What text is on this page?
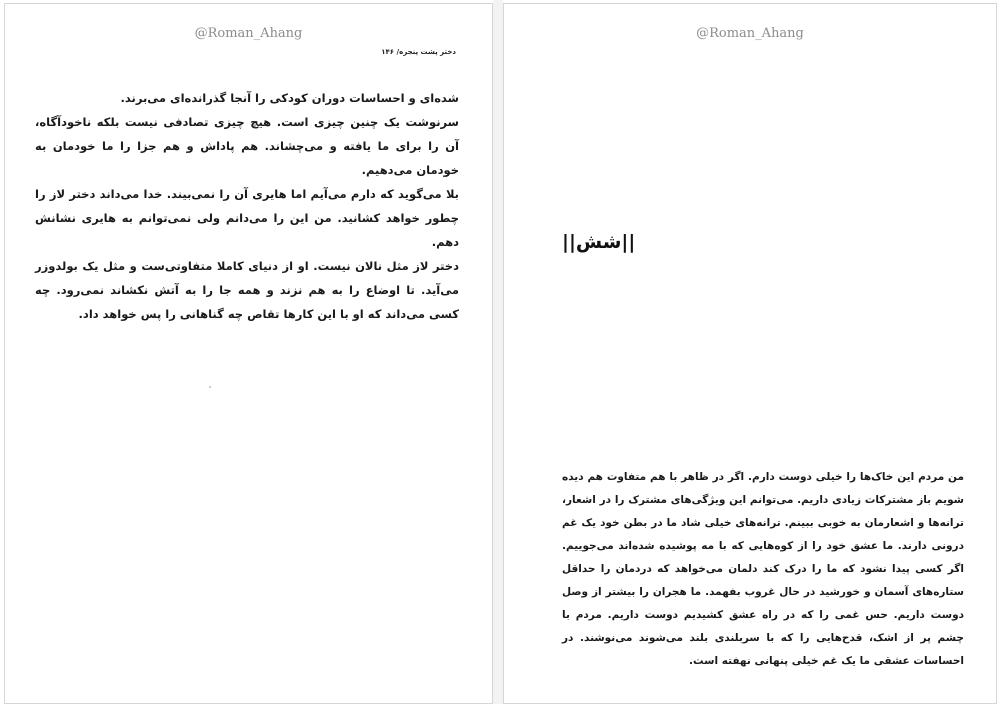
@Roman_Ahang
دختر پشت پنجره/ ۱۴۶

شده‌ای و احساسات دوران کودکی را آنجا گذرانده‌ای می‌برند.

سرنوشت یک چنین چیزی است. هیچ چیزی تصادفی نیست بلکه ناخودآگاه، آن را برای ما یافته و می‌چشاند. هم پاداش و هم جزا را ما خودمان به خودمان می‌دهیم.

بلا می‌گوید که دارم می‌آیم اما هایری آن را نمی‌بیند. خدا می‌داند دختر لاز را چطور خواهد کشانید. من این را می‌دانم ولی نمی‌توانم به هایری نشانش دهم.

دختر لاز مثل نالان نیست. او از دنیای کاملا متفاوتی‌ست و مثل یک بولدوزر می‌آید. تا اوضاع را به هم نزند و همه جا را به آتش نکشاند نمی‌رود. چه کسی می‌داند که او با این کارها تقاص چه گناهانی را پس خواهد داد.

@Roman_Ahang
||شش||

من مردم این خاک‌ها را خیلی دوست دارم. اگر در ظاهر با هم متفاوت هم دیده شویم باز مشترکات زیادی داریم. می‌توانم این ویژگی‌های مشترک را در اشعار، ترانه‌ها و اشعارمان به خوبی ببینم. ترانه‌های خیلی شاد ما در بطن خود یک غم درونی دارند. ما عشق خود را از کوه‌هایی که با مه پوشیده شده‌اند می‌جوییم. اگر کسی پیدا نشود که ما را درک کند دلمان می‌خواهد که دردمان را حداقل ستاره‌های آسمان و خورشید در حال غروب بفهمد. ما هجران را بیشتر از وصل دوست داریم. حس غمی را که در راه عشق کشیدیم دوست داریم. مردم با چشم پر از اشک، قدح‌هایی را که با سربلندی بلند می‌شوند می‌نوشند. در احساسات عشقی ما یک غم خیلی پنهانی نهفته است.
